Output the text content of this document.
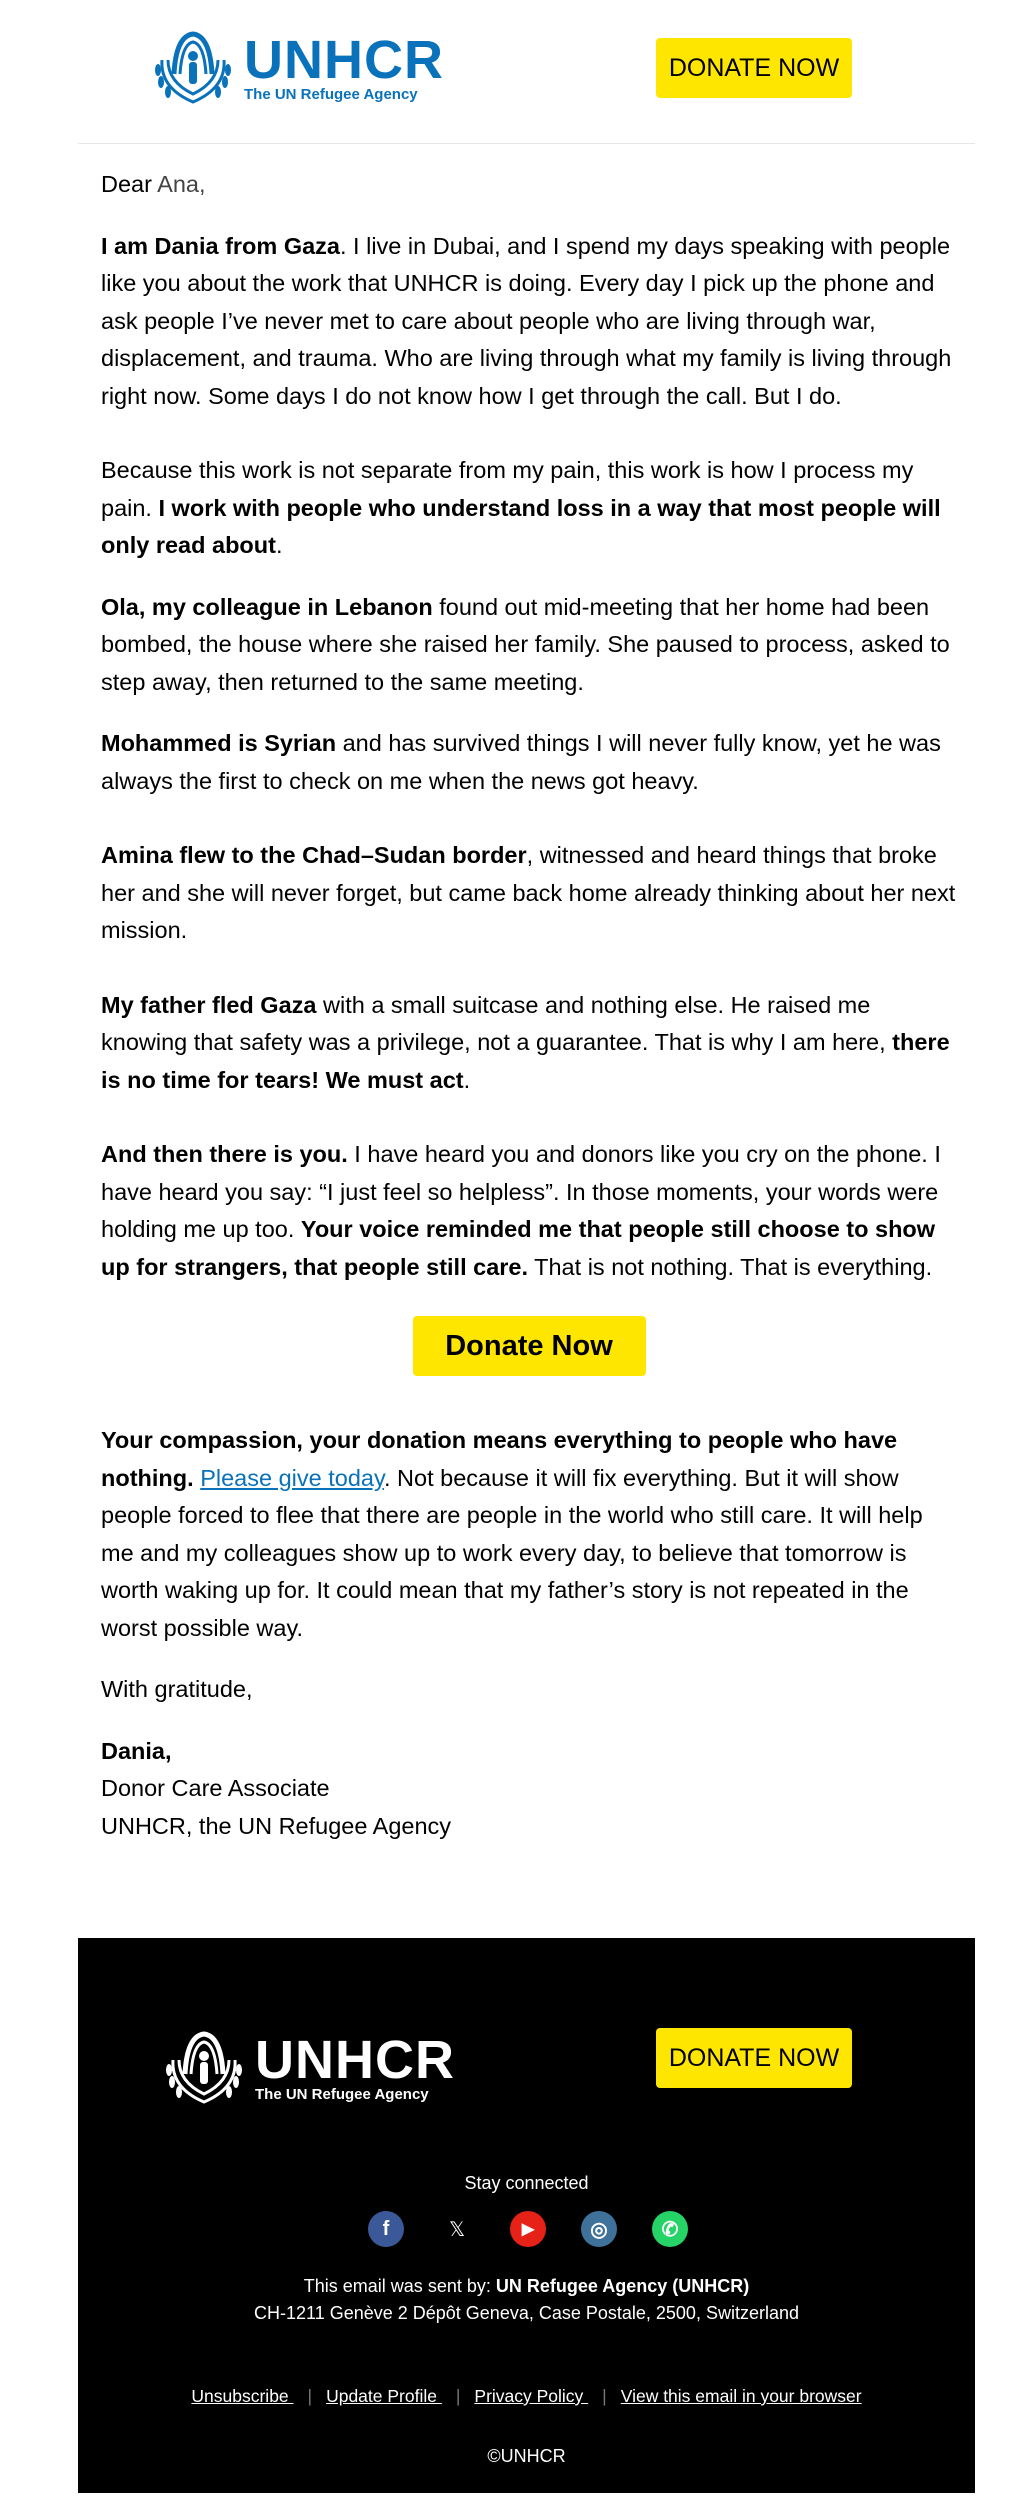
UNHCR
The UN Refugee Agency
DONATE NOW

Dear Ana,

I am Dania from Gaza. I live in Dubai, and I spend my days speaking with people like you about the work that UNHCR is doing. Every day I pick up the phone and ask people I’ve never met to care about people who are living through war, displacement, and trauma. Who are living through what my family is living through right now. Some days I do not know how I get through the call. But I do.

Because this work is not separate from my pain, this work is how I process my pain. I work with people who understand loss in a way that most people will only read about.

Ola, my colleague in Lebanon found out mid-meeting that her home had been bombed, the house where she raised her family. She paused to process, asked to step away, then returned to the same meeting.

Mohammed is Syrian and has survived things I will never fully know, yet he was always the first to check on me when the news got heavy.

Amina flew to the Chad–Sudan border, witnessed and heard things that broke her and she will never forget, but came back home already thinking about her next mission.

My father fled Gaza with a small suitcase and nothing else. He raised me knowing that safety was a privilege, not a guarantee. That is why I am here, there is no time for tears! We must act.

And then there is you. I have heard you and donors like you cry on the phone. I have heard you say: “I just feel so helpless”. In those moments, your words were holding me up too. Your voice reminded me that people still choose to show up for strangers, that people still care. That is not nothing. That is everything.

Donate Now

Your compassion, your donation means everything to people who have nothing. Please give today. Not because it will fix everything. But it will show people forced to flee that there are people in the world who still care. It will help me and my colleagues show up to work every day, to believe that tomorrow is worth waking up for. It could mean that my father’s story is not repeated in the worst possible way.

With gratitude,

Dania,
Donor Care Associate
UNHCR, the UN Refugee Agency

UNHCR
The UN Refugee Agency
DONATE NOW
Stay connected
f	𝕏	▶	◎	✆
This email was sent by: UN Refugee Agency (UNHCR)
CH-1211 Genève 2 Dépôt Geneva, Case Postale, 2500, Switzerland
Unsubscribe | Update Profile | Privacy Policy | View this email in your browser
©UNHCR
